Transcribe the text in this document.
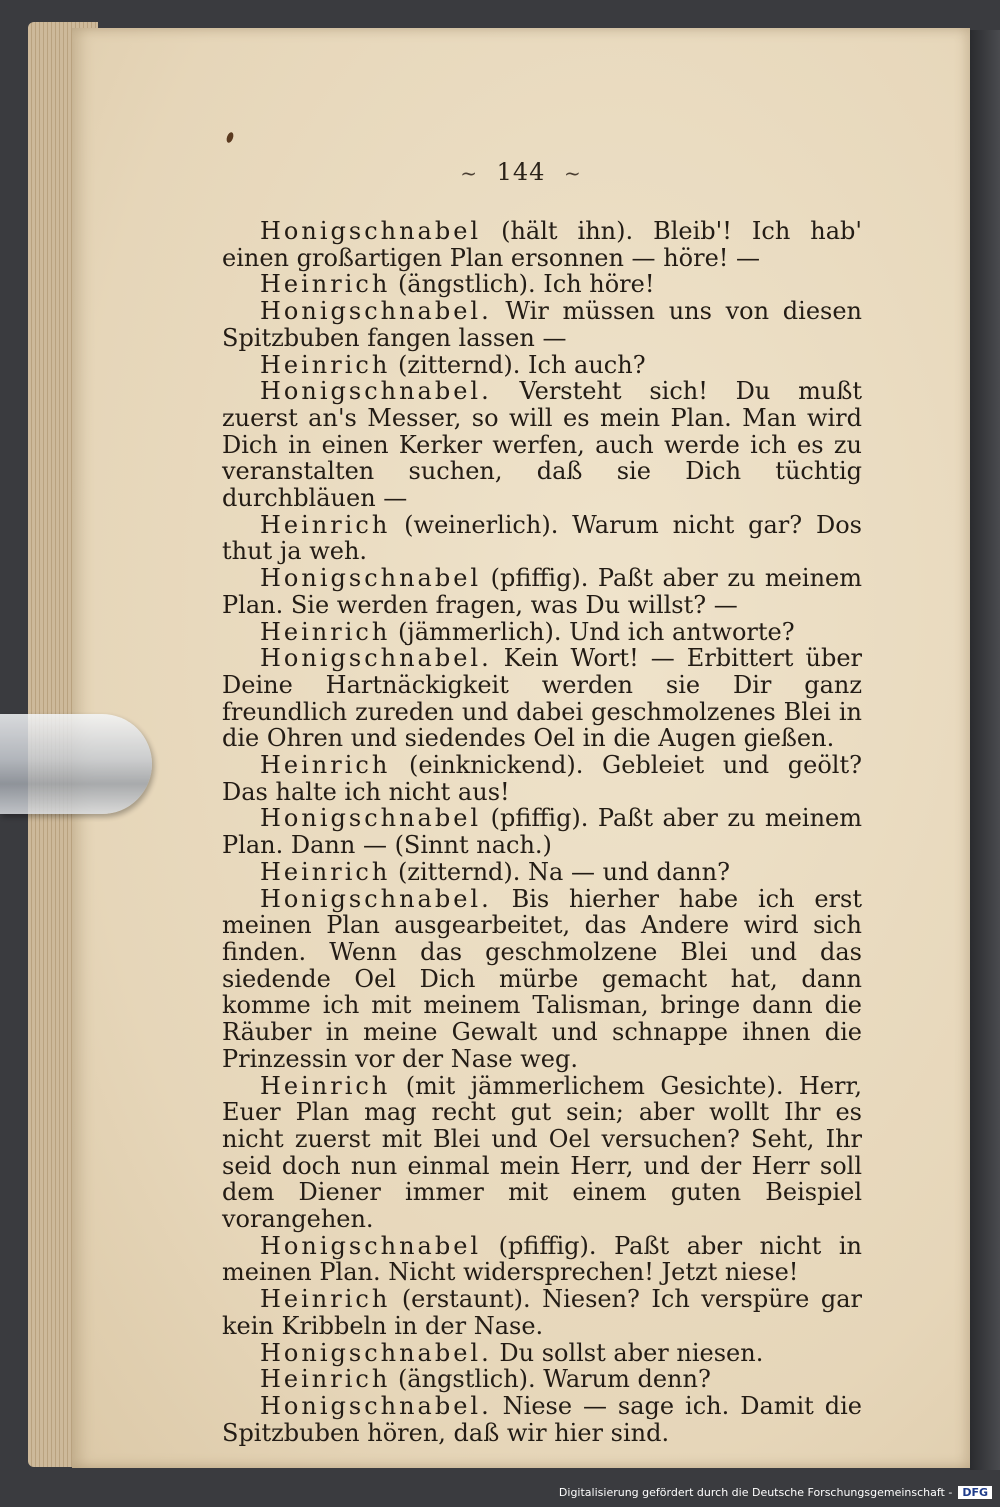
~ 144 ~

Honigschnabel (hält ihn). Bleib'! Ich hab' einen großartigen Plan ersonnen — höre! —

Heinrich (ängstlich). Ich höre!

Honigschnabel. Wir müssen uns von diesen Spitzbuben fangen lassen —

Heinrich (zitternd). Ich auch?

Honigschnabel. Versteht sich! Du mußt zuerst an's Messer, so will es mein Plan. Man wird Dich in einen Kerker werfen, auch werde ich es zu veranstalten suchen, daß sie Dich tüchtig durchbläuen —

Heinrich (weinerlich). Warum nicht gar? Dos thut ja weh.

Honigschnabel (pfiffig). Paßt aber zu meinem Plan. Sie werden fragen, was Du willst? —

Heinrich (jämmerlich). Und ich antworte?

Honigschnabel. Kein Wort! — Erbittert über Deine Hartnäckigkeit werden sie Dir ganz freundlich zureden und dabei geschmolzenes Blei in die Ohren und siedendes Oel in die Augen gießen.

Heinrich (einknickend). Gebleiet und geölt? Das halte ich nicht aus!

Honigschnabel (pfiffig). Paßt aber zu meinem Plan. Dann — (Sinnt nach.)

Heinrich (zitternd). Na — und dann?

Honigschnabel. Bis hierher habe ich erst meinen Plan ausgearbeitet, das Andere wird sich finden. Wenn das geschmolzene Blei und das siedende Oel Dich mürbe gemacht hat, dann komme ich mit meinem Talisman, bringe dann die Räuber in meine Gewalt und schnappe ihnen die Prinzessin vor der Nase weg.

Heinrich (mit jämmerlichem Gesichte). Herr, Euer Plan mag recht gut sein; aber wollt Ihr es nicht zuerst mit Blei und Oel versuchen? Seht, Ihr seid doch nun einmal mein Herr, und der Herr soll dem Diener immer mit einem guten Beispiel vorangehen.

Honigschnabel (pfiffig). Paßt aber nicht in meinen Plan. Nicht widersprechen! Jetzt niese!

Heinrich (erstaunt). Niesen? Ich verspüre gar kein Kribbeln in der Nase.

Honigschnabel. Du sollst aber niesen.

Heinrich (ängstlich). Warum denn?

Honigschnabel. Niese — sage ich. Damit die Spitzbuben hören, daß wir hier sind.

Digitalisierung gefördert durch die Deutsche Forschungsgemeinschaft - DFG
